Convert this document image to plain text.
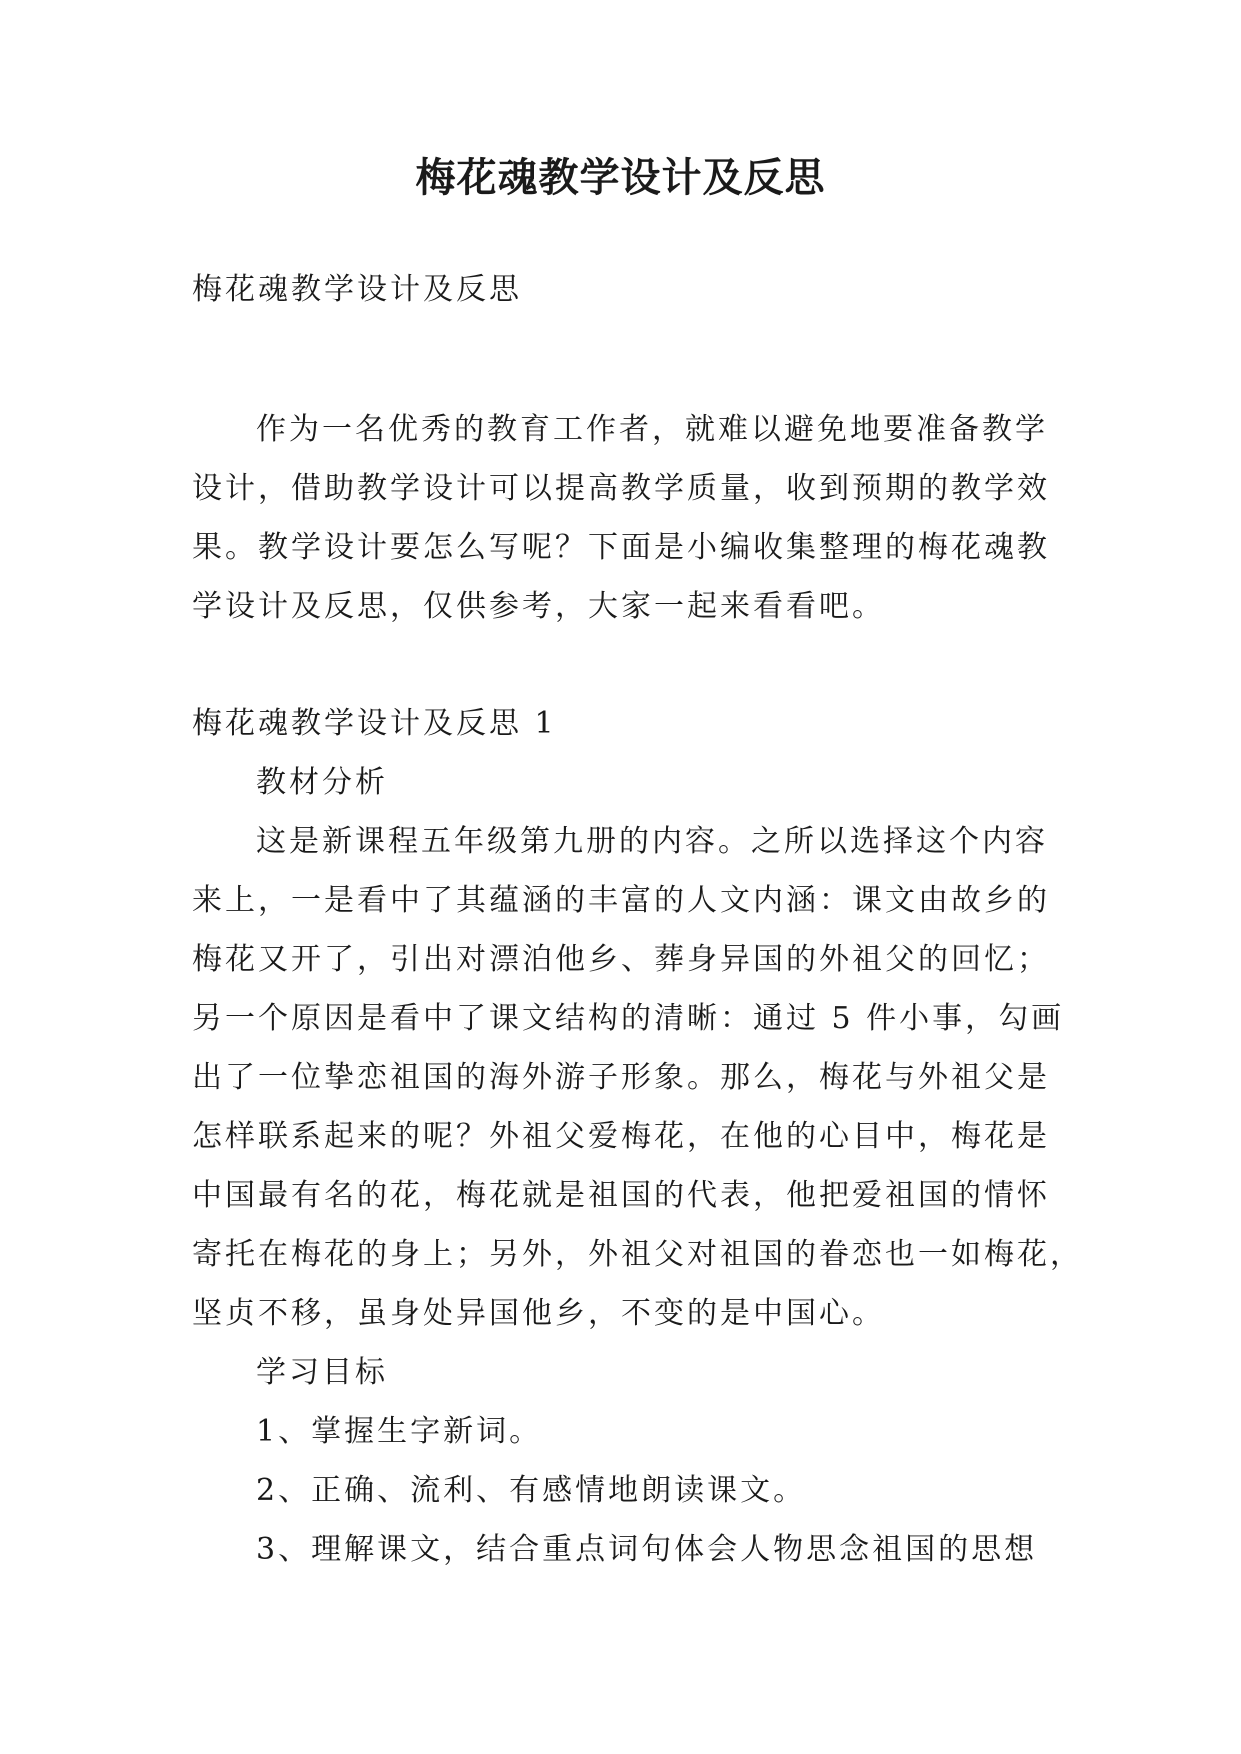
梅花魂教学设计及反思
梅花魂教学设计及反思
作为一名优秀的教育工作者，就难以避免地要准备教学
设计，借助教学设计可以提高教学质量，收到预期的教学效
果。教学设计要怎么写呢？下面是小编收集整理的梅花魂教
学设计及反思，仅供参考，大家一起来看看吧。
梅花魂教学设计及反思 1
教材分析
这是新课程五年级第九册的内容。之所以选择这个内容
来上，一是看中了其蕴涵的丰富的人文内涵：课文由故乡的
梅花又开了，引出对漂泊他乡、葬身异国的外祖父的回忆；
另一个原因是看中了课文结构的清晰：通过 5 件小事，勾画
出了一位挚恋祖国的海外游子形象。那么，梅花与外祖父是
怎样联系起来的呢？外祖父爱梅花，在他的心目中，梅花是
中国最有名的花，梅花就是祖国的代表，他把爱祖国的情怀
寄托在梅花的身上；另外，外祖父对祖国的眷恋也一如梅花，
坚贞不移，虽身处异国他乡，不变的是中国心。
学习目标
1、掌握生字新词。
2、正确、流利、有感情地朗读课文。
3、理解课文，结合重点词句体会人物思念祖国的思想
